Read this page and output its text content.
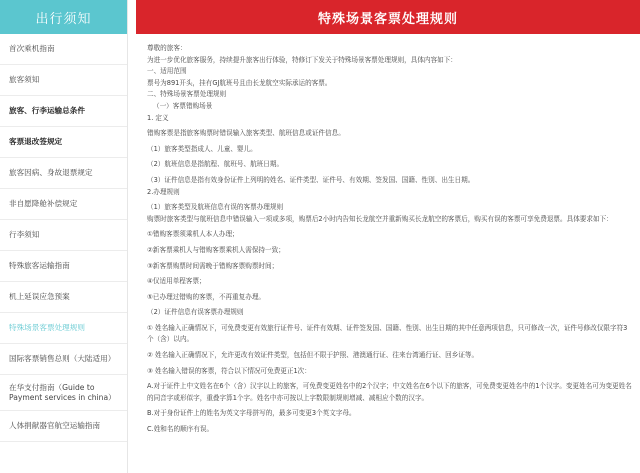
出行须知
首次乘机指南
旅客须知
旅客、行李运输总条件
客票退改签规定
旅客因病、身故退票规定
非自愿降舱补偿规定
行李须知
特殊旅客运输指南
机上延误应急预案
特殊场景客票处理规则
国际客票销售总则（大陆适用）
在华支付指南（Guide to Payment services in china）
人体捐献器官航空运输指南
特殊场景客票处理规则

尊敬的旅客：

为进一步优化旅客服务，持续提升旅客出行体验，特修订下发关于特殊场景客票处理规则，具体内容如下：

一、适用范围

票号为891开头，挂有GJ航班号且由长龙航空实际承运的客票。

二、特殊场景客票处理规则

（一）客票错购场景

1. 定义

错购客票是指旅客购票时错误输入旅客类型、航班信息或证件信息。

（1）旅客类型指成人、儿童、婴儿。

（2）航班信息是指航程、航班号、航班日期。

（3）证件信息是指有效身份证件上列明的姓名、证件类型、证件号、有效期、签发国、国籍、性别、出生日期。

2.办理规则

（1）旅客类型及航班信息有误的客票办理规则

购票时旅客类型与航班信息中错误输入一项或多项，购票后2小时内告知长龙航空并重新购买长龙航空的客票后，购买有误的客票可享免费退票。具体要求如下：

①错购客票须乘机人本人办理；

②新客票乘机人与错购客票乘机人需保持一致；

③新客票购票时间需晚于错购客票购票时间；

④仅适用单程客票；

⑤已办理过错购的客票，不再重复办理。

（2）证件信息有误客票办理规则

① 姓名输入正确情况下，可免费变更有效旅行证件号、证件有效期、证件签发国、国籍、性别、出生日期的其中任意两项信息，只可修改一次，证件号修改仅限字符3个（含）以内。

② 姓名输入正确情况下，允许更改有效证件类型，包括但不限于护照、港澳通行证、往来台湾通行证、回乡证等。

③ 姓名输入错误的客票，符合以下情况可免费更正1次：

A.对于证件上中文姓名在6个（含）汉字以上的旅客，可免费变更姓名中的2个汉字；中文姓名在6个以下的旅客，可免费变更姓名中的1个汉字。变更姓名可为变更姓名的同音字或形似字，重叠字算1个字。姓名中亦可按以上字数限制规则增减、减相应个数的汉字。

B.对于身份证件上的姓名为英文字母拼写的，最多可变更3个英文字母。

C.姓和名的顺序有误。
